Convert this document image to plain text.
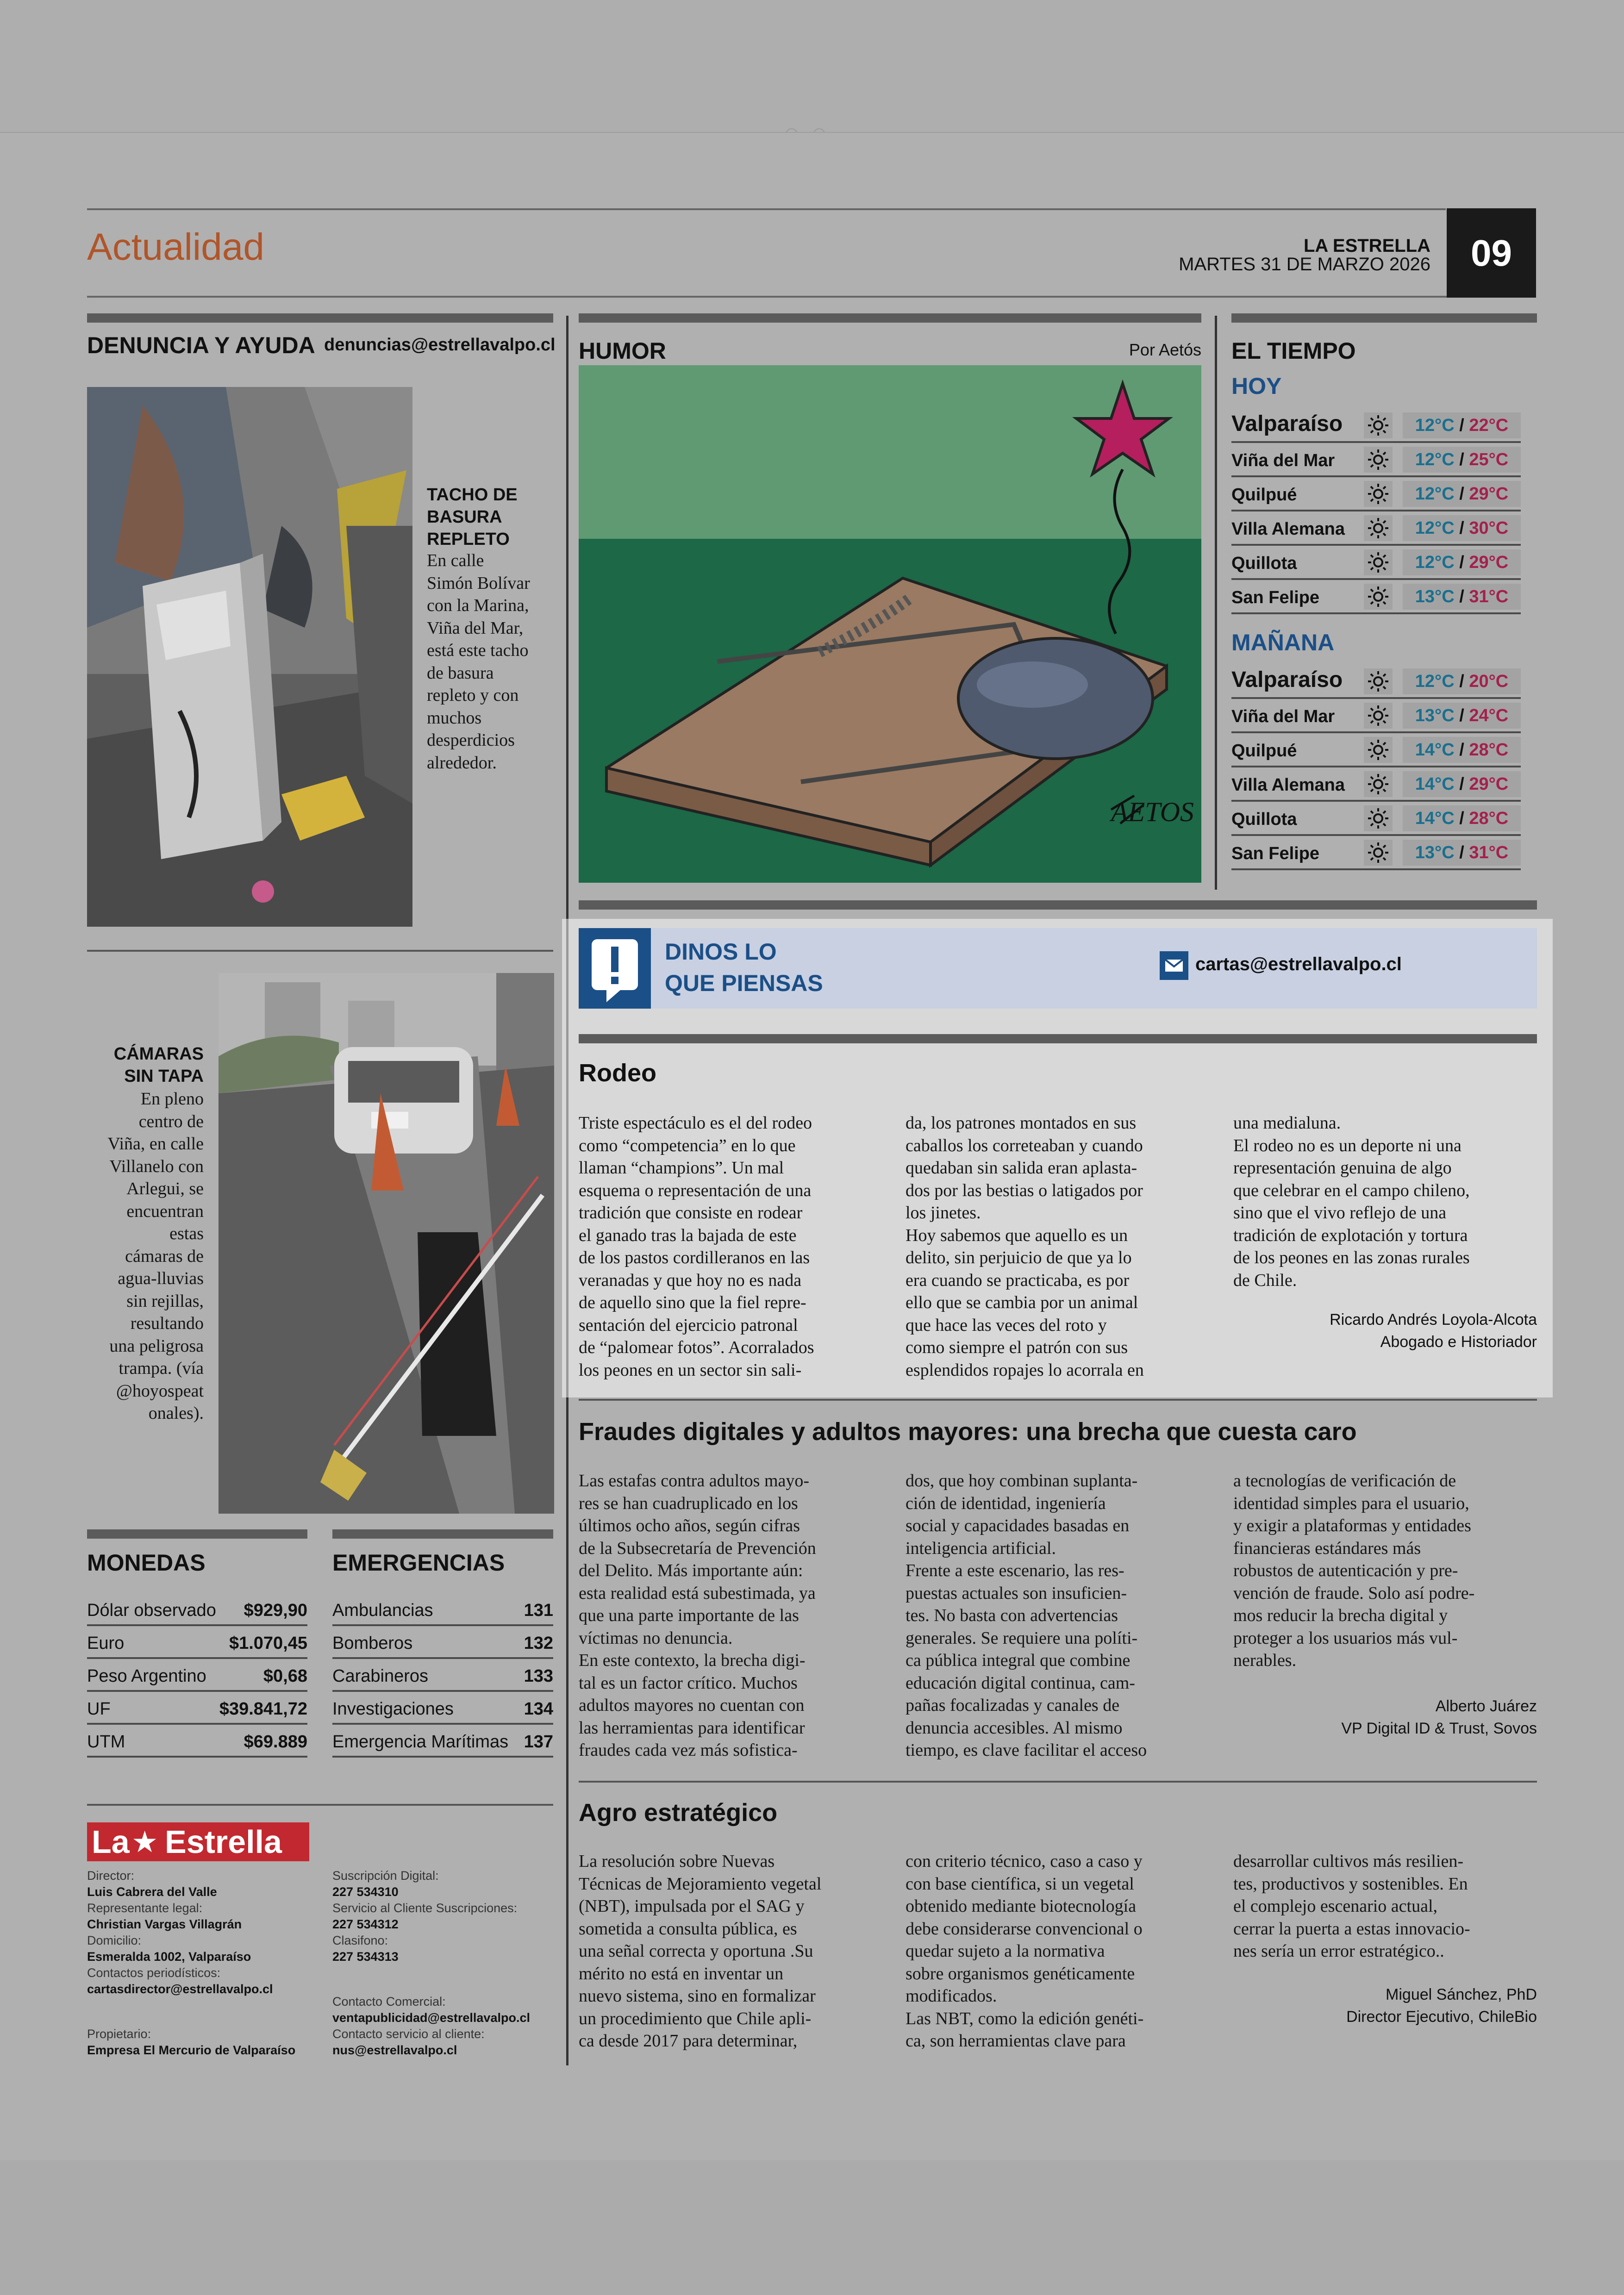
Actualidad	LA ESTRELLA
MARTES 31 DE MARZO 2026	09
DENUNCIA Y AYUDA denuncias@estrellavalpo.cl
TACHO DE
BASURA
REPLETO
En calle
Simón Bolívar
con la Marina,
Viña del Mar,
está este tacho
de basura
repleto y con
muchos
desperdicios
alrededor.
CÁMARAS
SIN TAPA
En pleno
centro de
Viña, en calle
Villanelo con
Arlegui, se
encuentran
estas
cámaras de
agua-lluvias
sin rejillas,
resultando
una peligrosa
trampa. (vía
@hoyospeat
onales).
HUMOR	Por Aetós
AETOS
EL TIEMPO
HOY
MAÑANA
Valparaíso	12°C / 22°C
Viña del Mar	12°C / 25°C
Quilpué	12°C / 29°C
Villa Alemana	12°C / 30°C
Quillota	12°C / 29°C
San Felipe	13°C / 31°C
Valparaíso	12°C / 20°C
Viña del Mar	13°C / 24°C
Quilpué	14°C / 28°C
Villa Alemana	14°C / 29°C
Quillota	14°C / 28°C
San Felipe	13°C / 31°C
DINOS LO
QUE PIENSAS
cartas@estrellavalpo.cl
Rodeo
Triste espectáculo es el del rodeo
como “competencia” en lo que
llaman “champions”. Un mal
esquema o representación de una
tradición que consiste en rodear
el ganado tras la bajada de este
de los pastos cordilleranos en las
veranadas y que hoy no es nada
de aquello sino que la fiel repre-
sentación del ejercicio patronal
de “palomear fotos”. Acorralados
los peones en un sector sin sali-
da, los patrones montados en sus
caballos los correteaban y cuando
quedaban sin salida eran aplasta-
dos por las bestias o latigados por
los jinetes.
Hoy sabemos que aquello es un
delito, sin perjuicio de que ya lo
era cuando se practicaba, es por
ello que se cambia por un animal
que hace las veces del roto y
como siempre el patrón con sus
esplendidos ropajes lo acorrala en
una medialuna.
El rodeo no es un deporte ni una
representación genuina de algo
que celebrar en el campo chileno,
sino que el vivo reflejo de una
tradición de explotación y tortura
de los peones en las zonas rurales
de Chile.
Ricardo Andrés Loyola-Alcota
Abogado e Historiador
Fraudes digitales y adultos mayores: una brecha que cuesta caro
Las estafas contra adultos mayo-
res se han cuadruplicado en los
últimos ocho años, según cifras
de la Subsecretaría de Prevención
del Delito. Más importante aún:
esta realidad está subestimada, ya
que una parte importante de las
víctimas no denuncia.
En este contexto, la brecha digi-
tal es un factor crítico. Muchos
adultos mayores no cuentan con
las herramientas para identificar
fraudes cada vez más sofistica-
dos, que hoy combinan suplanta-
ción de identidad, ingeniería
social y capacidades basadas en
inteligencia artificial.
Frente a este escenario, las res-
puestas actuales son insuficien-
tes. No basta con advertencias
generales. Se requiere una políti-
ca pública integral que combine
educación digital continua, cam-
pañas focalizadas y canales de
denuncia accesibles. Al mismo
tiempo, es clave facilitar el acceso
a tecnologías de verificación de
identidad simples para el usuario,
y exigir a plataformas y entidades
financieras estándares más
robustos de autenticación y pre-
vención de fraude. Solo así podre-
mos reducir la brecha digital y
proteger a los usuarios más vul-
nerables.
Alberto Juárez
VP Digital ID & Trust, Sovos
Agro estratégico
La resolución sobre Nuevas
Técnicas de Mejoramiento vegetal
(NBT), impulsada por el SAG y
sometida a consulta pública, es
una señal correcta y oportuna .Su
mérito no está en inventar un
nuevo sistema, sino en formalizar
un procedimiento que Chile apli-
ca desde 2017 para determinar,
con criterio técnico, caso a caso y
con base científica, si un vegetal
obtenido mediante biotecnología
debe considerarse convencional o
quedar sujeto a la normativa
sobre organismos genéticamente
modificados.
Las NBT, como la edición genéti-
ca, son herramientas clave para
desarrollar cultivos más resilien-
tes, productivos y sostenibles. En
el complejo escenario actual,
cerrar la puerta a estas innovacio-
nes sería un error estratégico..
Miguel Sánchez, PhD
Director Ejecutivo, ChileBio
MONEDAS
Dólar observado $929,90
Euro	$1.070,45
Peso Argentino	$0,68
UF	$39.841,72
UTM	$69.889
EMERGENCIAS
Ambulancias	131
Bomberos	132
Carabineros	133
Investigaciones	134
Emergencia Marítimas 137
La ★ Estrella
Director:
Luis Cabrera del Valle
Representante legal:
Christian Vargas Villagrán
Domicilio:
Esmeralda 1002, Valparaíso
Contactos periodísticos:
cartasdirector@estrellavalpo.cl
Propietario:
Empresa El Mercurio de Valparaíso
Suscripción Digital:
227 534310
Servicio al Cliente Suscripciones:
227 534312
Clasifono:
227 534313
Contacto Comercial:
ventapublicidad@estrellavalpo.cl
Contacto servicio al cliente:
nus@estrellavalpo.cl
